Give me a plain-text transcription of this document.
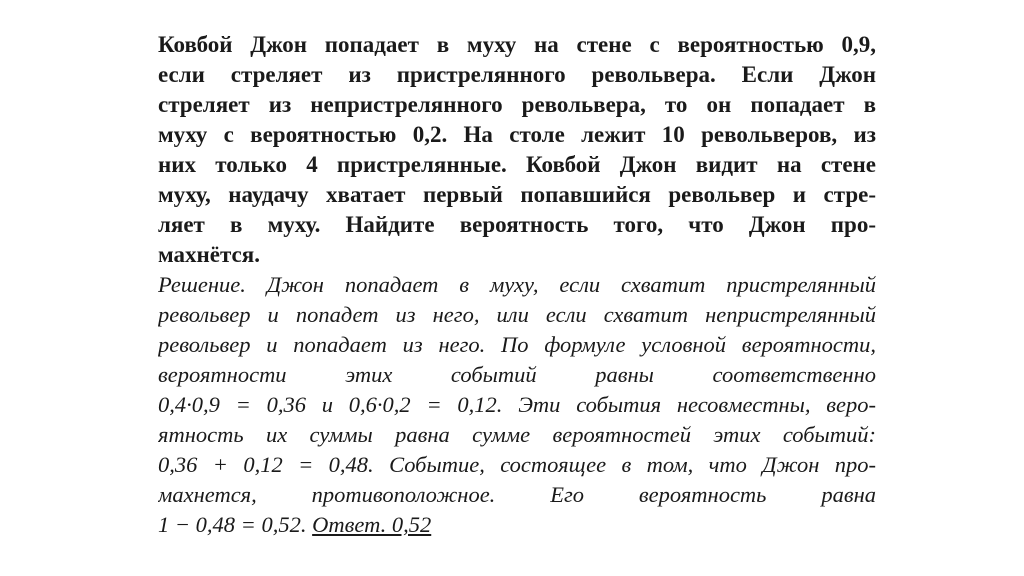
Ковбой Джон попадает в муху на стене с вероятностью 0,9,
если стреляет из пристрелянного револьвера. Если Джон
стреляет из непристрелянного револьвера, то он попадает в
муху с вероятностью 0,2. На столе лежит 10 револьверов, из
них только 4 пристрелянные. Ковбой Джон видит на стене
муху, наудачу хватает первый попавшийся револьвер и стре-
ляет в муху. Найдите вероятность того, что Джон про-
махнётся.
Решение. Джон попадает в муху, если схватит пристрелянный
револьвер и попадет из него, или если схватит непристрелянный
револьвер и попадает из него. По формуле условной вероятности,
вероятности этих событий равны соответственно
0,4·0,9 = 0,36 и 0,6·0,2 = 0,12. Эти события несовместны, веро-
ятность их суммы равна сумме вероятностей этих событий:
0,36 + 0,12 = 0,48. Событие, состоящее в том, что Джон про-
махнется, противоположное. Его вероятность равна
1 − 0,48 = 0,52. Ответ. 0,52
